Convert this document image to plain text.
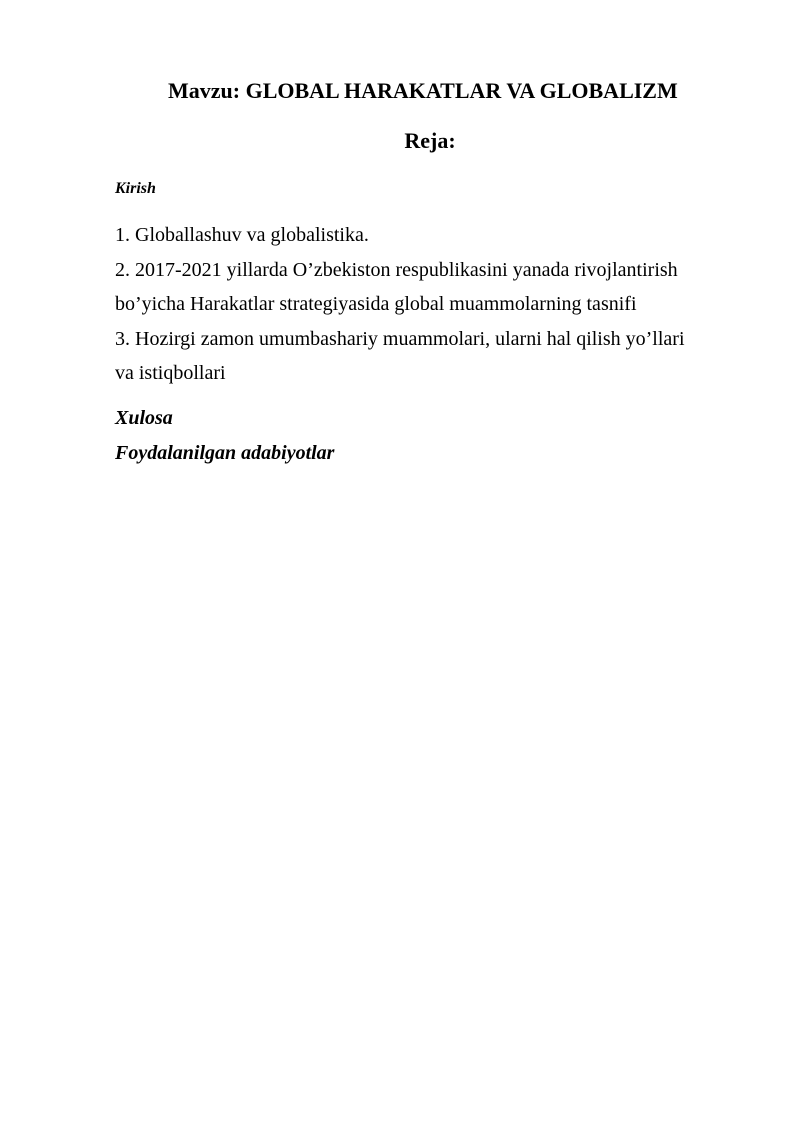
Mavzu: GLOBAL HARAKATLAR VA GLOBALIZM
Reja:
Kirish
1. Globallashuv va globalistika.
2. 2017-2021 yillarda O’zbekiston respublikasini yanada rivojlantirish
bo’yicha Harakatlar strategiyasida global muammolarning tasnifi
3. Hozirgi zamon umumbashariy muammolari, ularni hal qilish yo’llari
va istiqbollari
Xulosa
Foydalanilgan adabiyotlar
